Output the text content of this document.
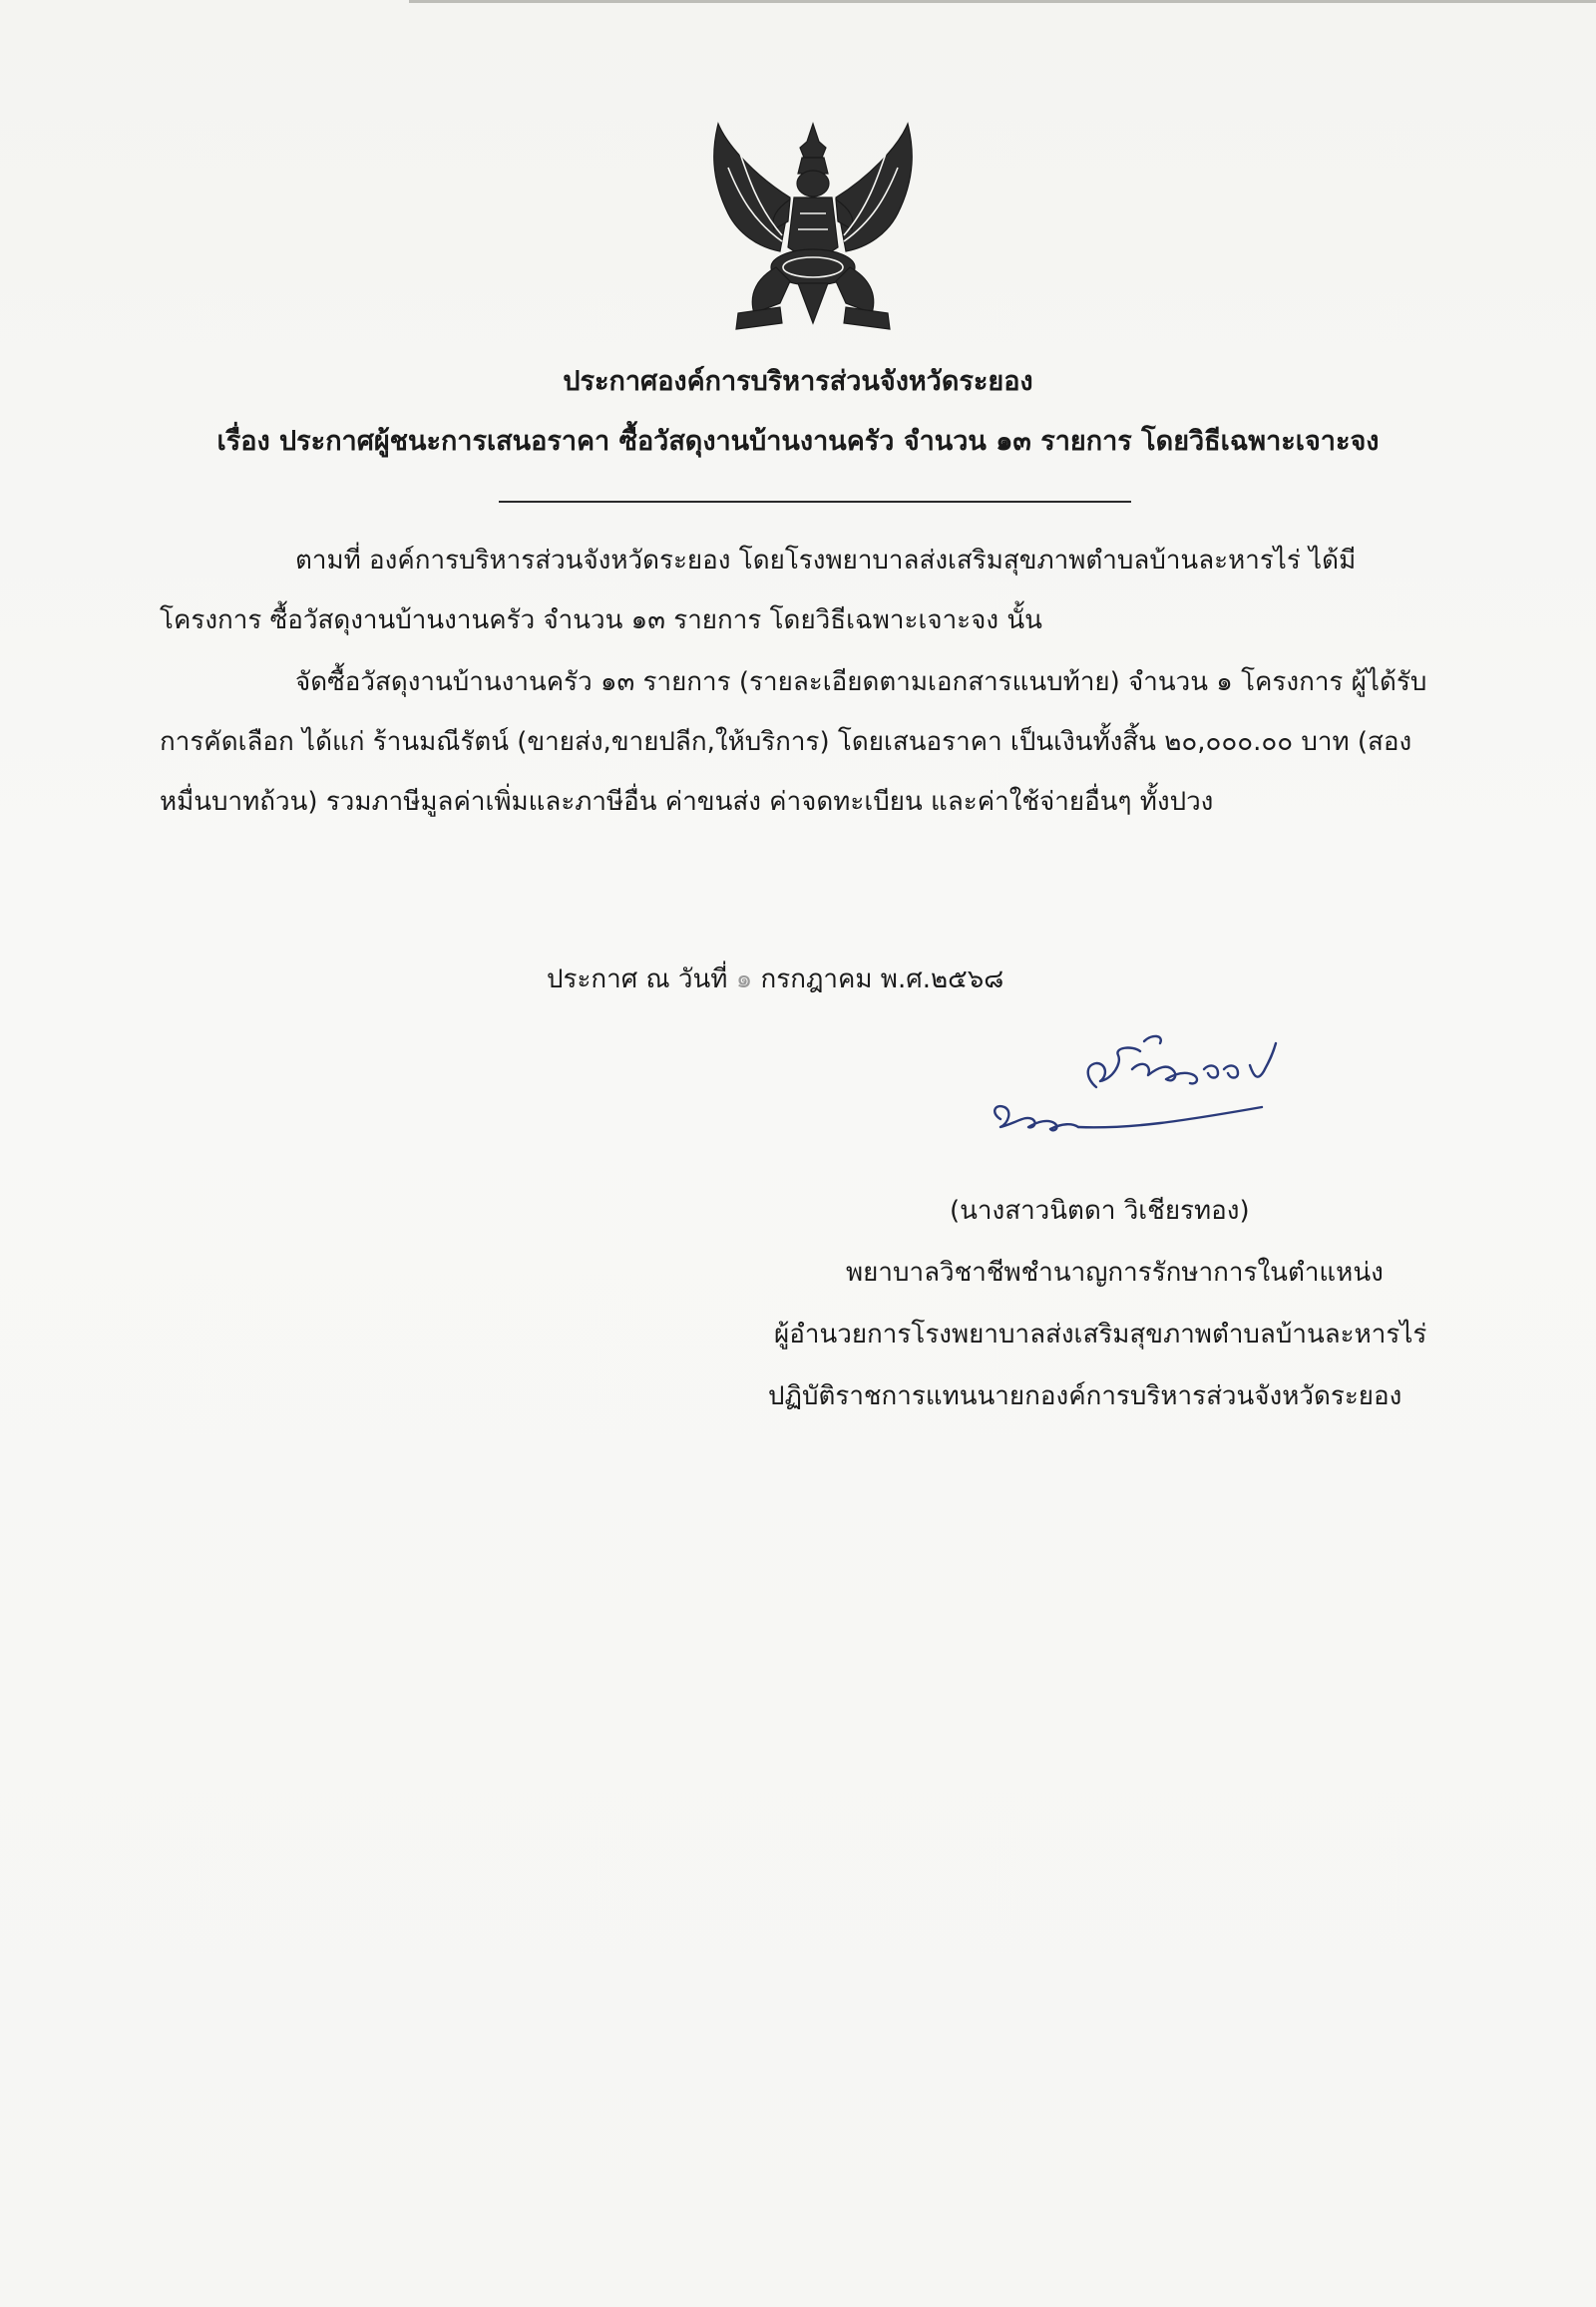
ประกาศองค์การบริหารส่วนจังหวัดระยอง
เรื่อง ประกาศผู้ชนะการเสนอราคา ซื้อวัสดุงานบ้านงานครัว จำนวน ๑๓ รายการ โดยวิธีเฉพาะเจาะจง
ตามที่ องค์การบริหารส่วนจังหวัดระยอง โดยโรงพยาบาลส่งเสริมสุขภาพตำบลบ้านละหารไร่ ได้มี
โครงการ ซื้อวัสดุงานบ้านงานครัว จำนวน ๑๓ รายการ โดยวิธีเฉพาะเจาะจง นั้น
จัดซื้อวัสดุงานบ้านงานครัว ๑๓ รายการ (รายละเอียดตามเอกสารแนบท้าย) จำนวน ๑ โครงการ ผู้ได้รับ
การคัดเลือก ได้แก่ ร้านมณีรัตน์ (ขายส่ง,ขายปลีก,ให้บริการ) โดยเสนอราคา เป็นเงินทั้งสิ้น ๒๐,๐๐๐.๐๐ บาท (สอง
หมื่นบาทถ้วน) รวมภาษีมูลค่าเพิ่มและภาษีอื่น ค่าขนส่ง ค่าจดทะเบียน และค่าใช้จ่ายอื่นๆ ทั้งปวง
ประกาศ ณ วันที่ ๑ กรกฎาคม พ.ศ.๒๕๖๘
(นางสาวนิตดา วิเชียรทอง)
พยาบาลวิชาชีพชำนาญการรักษาการในตำแหน่ง
ผู้อำนวยการโรงพยาบาลส่งเสริมสุขภาพตำบลบ้านละหารไร่
ปฏิบัติราชการแทนนายกองค์การบริหารส่วนจังหวัดระยอง
